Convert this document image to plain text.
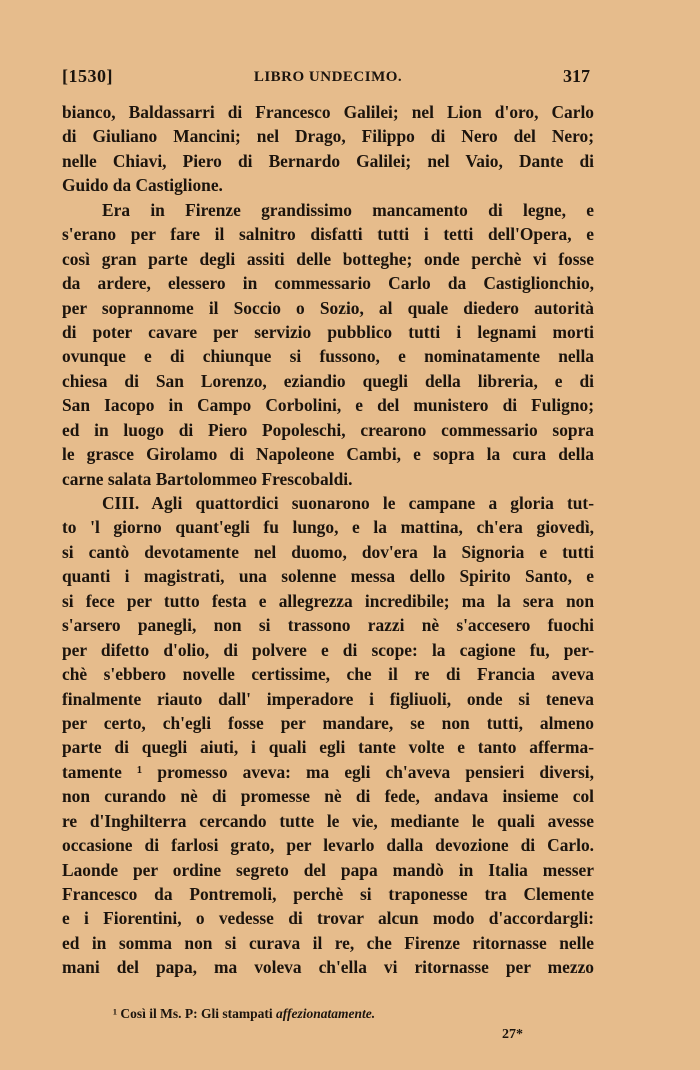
[1530]	LIBRO UNDECIMO.	317
bianco, Baldassarri di Francesco Galilei; nel Lion d'oro, Carlo
di Giuliano Mancini; nel Drago, Filippo di Nero del Nero;
nelle Chiavi, Piero di Bernardo Galilei; nel Vaio, Dante di
Guido da Castiglione.
Era in Firenze grandissimo mancamento di legne, e
s'erano per fare il salnitro disfatti tutti i tetti dell'Opera, e
così gran parte degli assiti delle botteghe; onde perchè vi fosse
da ardere, elessero in commessario Carlo da Castiglionchio,
per soprannome il Soccio o Sozio, al quale diedero autorità
di poter cavare per servizio pubblico tutti i legnami morti
ovunque e di chiunque si fussono, e nominatamente nella
chiesa di San Lorenzo, eziandio quegli della libreria, e di
San Iacopo in Campo Corbolini, e del munistero di Fuligno;
ed in luogo di Piero Popoleschi, crearono commessario sopra
le grasce Girolamo di Napoleone Cambi, e sopra la cura della
carne salata Bartolommeo Frescobaldi.
CIII. Agli quattordici suonarono le campane a gloria tut-
to 'l giorno quant'egli fu lungo, e la mattina, ch'era giovedì,
si cantò devotamente nel duomo, dov'era la Signoria e tutti
quanti i magistrati, una solenne messa dello Spirito Santo, e
si fece per tutto festa e allegrezza incredibile; ma la sera non
s'arsero panegli, non si trassono razzi nè s'accesero fuochi
per difetto d'olio, di polvere e di scope: la cagione fu, per-
chè s'ebbero novelle certissime, che il re di Francia aveva
finalmente riauto dall' imperadore i figliuoli, onde si teneva
per certo, ch'egli fosse per mandare, se non tutti, almeno
parte di quegli aiuti, i quali egli tante volte e tanto afferma-
tamente ¹ promesso aveva: ma egli ch'aveva pensieri diversi,
non curando nè di promesse nè di fede, andava insieme col
re d'Inghilterra cercando tutte le vie, mediante le quali avesse
occasione di farlosi grato, per levarlo dalla devozione di Carlo.
Laonde per ordine segreto del papa mandò in Italia messer
Francesco da Pontremoli, perchè si traponesse tra Clemente
e i Fiorentini, o vedesse di trovar alcun modo d'accordargli:
ed in somma non si curava il re, che Firenze ritornasse nelle
mani del papa, ma voleva ch'ella vi ritornasse per mezzo
¹ Così il Ms. P: Gli stampati affezionatamente.
27*
